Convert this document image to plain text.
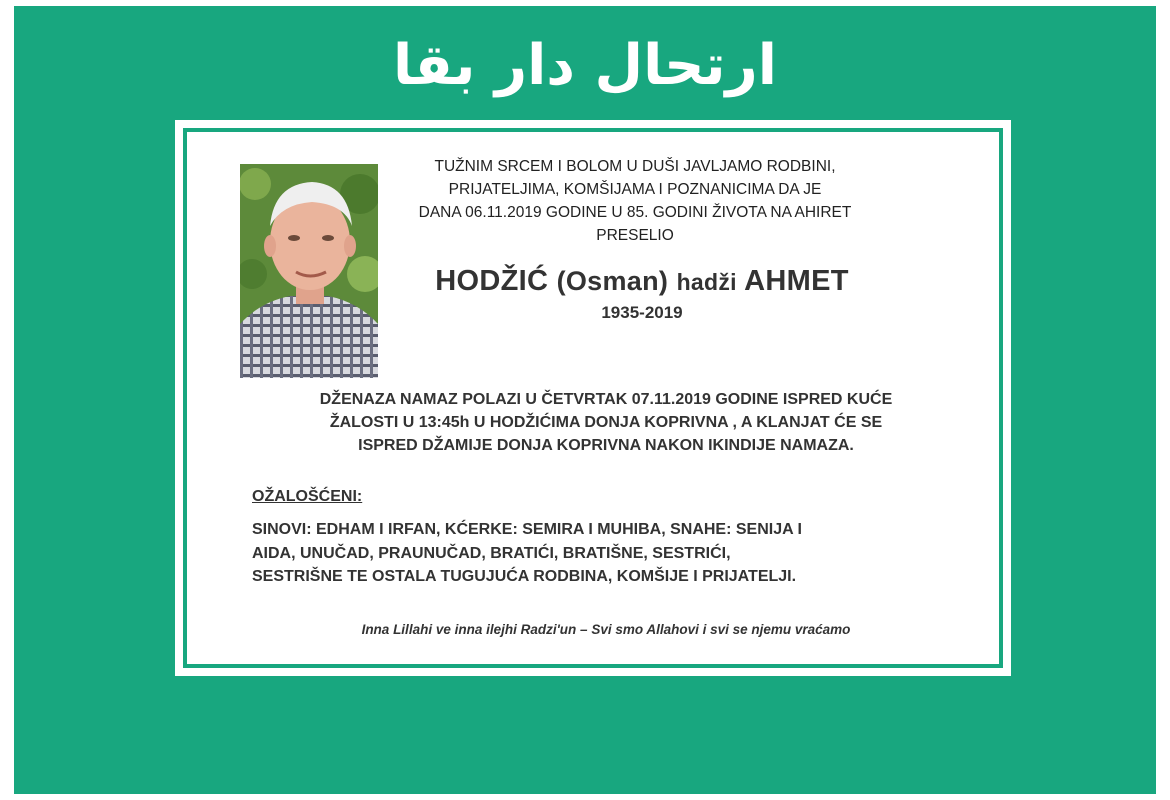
ارتحال دار بقا
TUŽNIM SRCEM I BOLOM U DUŠI JAVLJAMO RODBINI,
PRIJATELJIMA, KOMŠIJAMA I POZNANICIMA DA JE
DANA 06.11.2019 GODINE U 85. GODINI ŽIVOTA NA AHIRET
PRESELIO
HODŽIĆ (Osman) hadži AHMET
1935-2019
DŽENAZA NAMAZ POLAZI U ČETVRTAK 07.11.2019 GODINE ISPRED KUĆE
ŽALOSTI U 13:45h U HODŽIĆIMA DONJA KOPRIVNA , A KLANJAT ĆE SE
ISPRED DŽAMIJE DONJA KOPRIVNA NAKON IKINDIJE NAMAZA.
OŽALOŠĆENI:
SINOVI: EDHAM I IRFAN, KĆERKE: SEMIRA I MUHIBA, SNAHE: SENIJA I
AIDA, UNUČAD, PRAUNUČAD, BRATIĆI, BRATIŠNE, SESTRIĆI,
SESTRIŠNE TE OSTALA TUGUJUĆA RODBINA, KOMŠIJE I PRIJATELJI.
Inna Lillahi ve inna ilejhi Radzi'un – Svi smo Allahovi i svi se njemu vraćamo
